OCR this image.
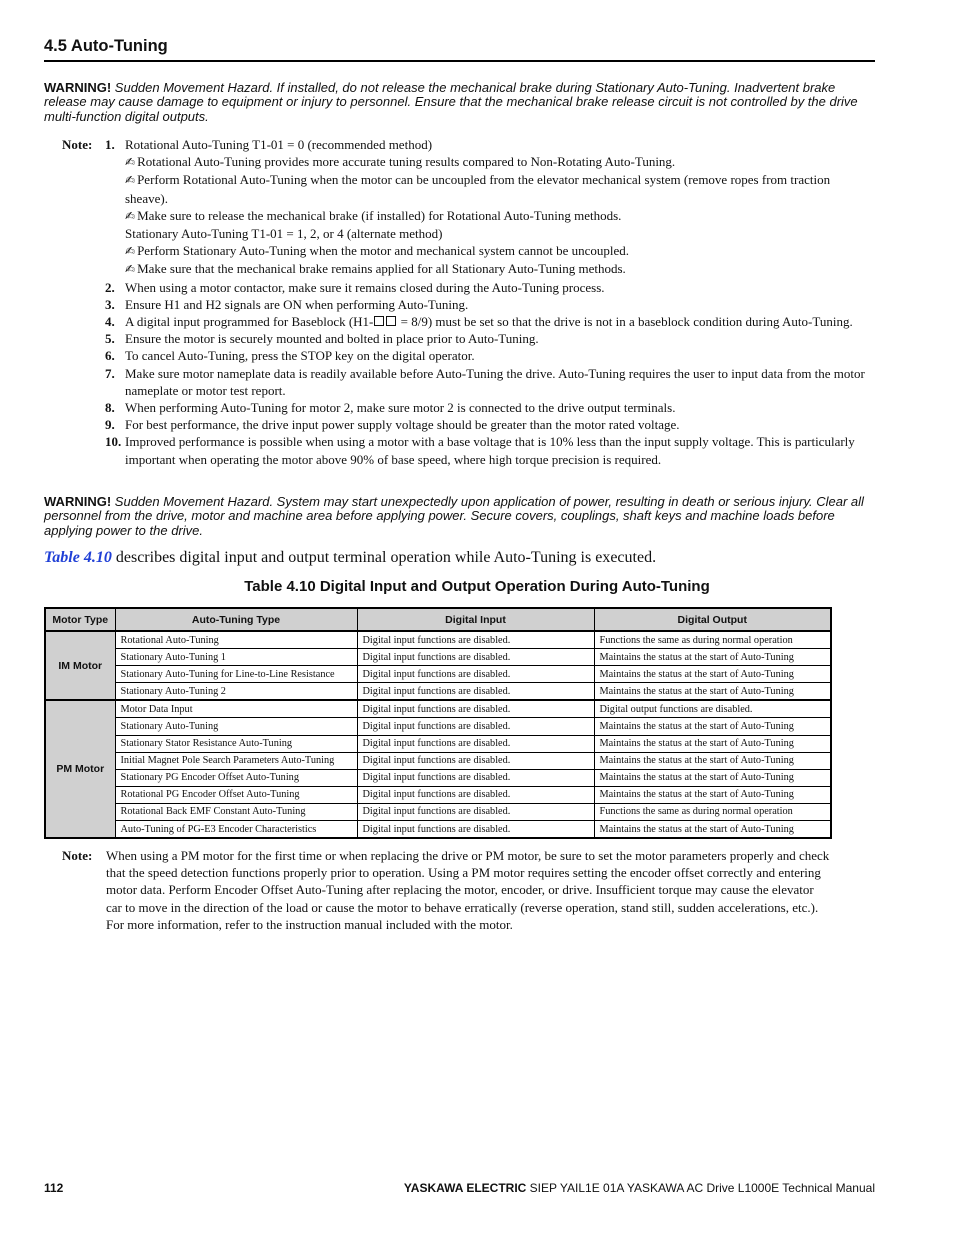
4.5 Auto-Tuning
WARNING! Sudden Movement Hazard. If installed, do not release the mechanical brake during Stationary Auto-Tuning. Inadvertent brake release may cause damage to equipment or injury to personnel. Ensure that the mechanical brake release circuit is not controlled by the drive multi-function digital outputs.
Note: 1. Rotational Auto-Tuning T1-01 = 0 (recommended method)
✍ Rotational Auto-Tuning provides more accurate tuning results compared to Non-Rotating Auto-Tuning.
✍ Perform Rotational Auto-Tuning when the motor can be uncoupled from the elevator mechanical system (remove ropes from traction sheave).
✍ Make sure to release the mechanical brake (if installed) for Rotational Auto-Tuning methods.
Stationary Auto-Tuning T1-01 = 1, 2, or 4 (alternate method)
✍ Perform Stationary Auto-Tuning when the motor and mechanical system cannot be uncoupled.
✍ Make sure that the mechanical brake remains applied for all Stationary Auto-Tuning methods.
2. When using a motor contactor, make sure it remains closed during the Auto-Tuning process.
3. Ensure H1 and H2 signals are ON when performing Auto-Tuning.
4. A digital input programmed for Baseblock (H1- = 8/9) must be set so that the drive is not in a baseblock condition during Auto-Tuning.
5. Ensure the motor is securely mounted and bolted in place prior to Auto-Tuning.
6. To cancel Auto-Tuning, press the STOP key on the digital operator.
7. Make sure motor nameplate data is readily available before Auto-Tuning the drive. Auto-Tuning requires the user to input data from the motor nameplate or motor test report.
8. When performing Auto-Tuning for motor 2, make sure motor 2 is connected to the drive output terminals.
9. For best performance, the drive input power supply voltage should be greater than the motor rated voltage.
10. Improved performance is possible when using a motor with a base voltage that is 10% less than the input supply voltage. This is particularly important when operating the motor above 90% of base speed, where high torque precision is required.
WARNING! Sudden Movement Hazard. System may start unexpectedly upon application of power, resulting in death or serious injury. Clear all personnel from the drive, motor and machine area before applying power. Secure covers, couplings, shaft keys and machine loads before applying power to the drive.
Table 4.10 describes digital input and output terminal operation while Auto-Tuning is executed.
Table 4.10 Digital Input and Output Operation During Auto-Tuning
Motor Type	Auto-Tuning Type	Digital Input	Digital Output
IM Motor	Rotational Auto-Tuning	Digital input functions are disabled.	Functions the same as during normal operation
	Stationary Auto-Tuning 1	Digital input functions are disabled.	Maintains the status at the start of Auto-Tuning
	Stationary Auto-Tuning for Line-to-Line Resistance	Digital input functions are disabled.	Maintains the status at the start of Auto-Tuning
	Stationary Auto-Tuning 2	Digital input functions are disabled.	Maintains the status at the start of Auto-Tuning
PM Motor	Motor Data Input	Digital input functions are disabled.	Digital output functions are disabled.
	Stationary Auto-Tuning	Digital input functions are disabled.	Maintains the status at the start of Auto-Tuning
	Stationary Stator Resistance Auto-Tuning	Digital input functions are disabled.	Maintains the status at the start of Auto-Tuning
	Initial Magnet Pole Search Parameters Auto-Tuning	Digital input functions are disabled.	Maintains the status at the start of Auto-Tuning
	Stationary PG Encoder Offset Auto-Tuning	Digital input functions are disabled.	Maintains the status at the start of Auto-Tuning
	Rotational PG Encoder Offset Auto-Tuning	Digital input functions are disabled.	Maintains the status at the start of Auto-Tuning
	Rotational Back EMF Constant Auto-Tuning	Digital input functions are disabled.	Functions the same as during normal operation
	Auto-Tuning of PG-E3 Encoder Characteristics	Digital input functions are disabled.	Maintains the status at the start of Auto-Tuning
Note:	When using a PM motor for the first time or when replacing the drive or PM motor, be sure to set the motor parameters properly and check that the speed detection functions properly prior to operation. Using a PM motor requires setting the encoder offset correctly and entering motor data. Perform Encoder Offset Auto-Tuning after replacing the motor, encoder, or drive. Insufficient torque may cause the elevator car to move in the direction of the load or cause the motor to behave erratically (reverse operation, stand still, sudden accelerations, etc.). For more information, refer to the instruction manual included with the motor.
112	YASKAWA ELECTRIC SIEP YAIL1E 01A YASKAWA AC Drive L1000E Technical Manual
